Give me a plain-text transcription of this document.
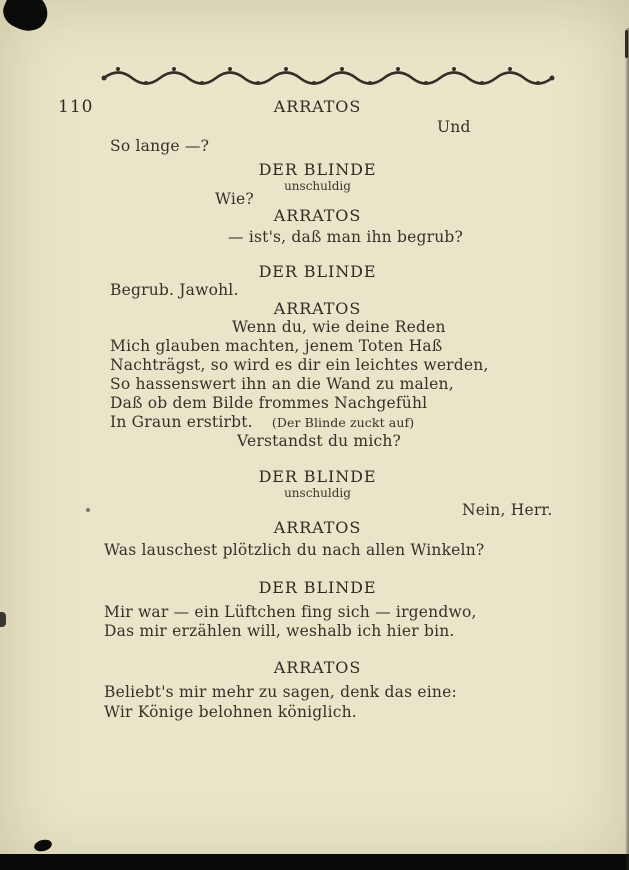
110	ARRATOS
Und
So lange —?
DER BLINDE
unschuldig
Wie?
ARRATOS
— ist's, daß man ihn begrub?
DER BLINDE
Begrub. Jawohl.
ARRATOS
Wenn du, wie deine Reden
Mich glauben machten, jenem Toten Haß
Nachträgst, so wird es dir ein leichtes werden,
So hassenswert ihn an die Wand zu malen,
Daß ob dem Bilde frommes Nachgefühl
In Graun erstirbt. (Der Blinde zuckt auf)
Verstandst du mich?
DER BLINDE
unschuldig
Nein, Herr.
ARRATOS
Was lauschest plötzlich du nach allen Winkeln?
DER BLINDE
Mir war — ein Lüftchen fing sich — irgendwo,
Das mir erzählen will, weshalb ich hier bin.
ARRATOS
Beliebt's mir mehr zu sagen, denk das eine:
Wir Könige belohnen königlich.
